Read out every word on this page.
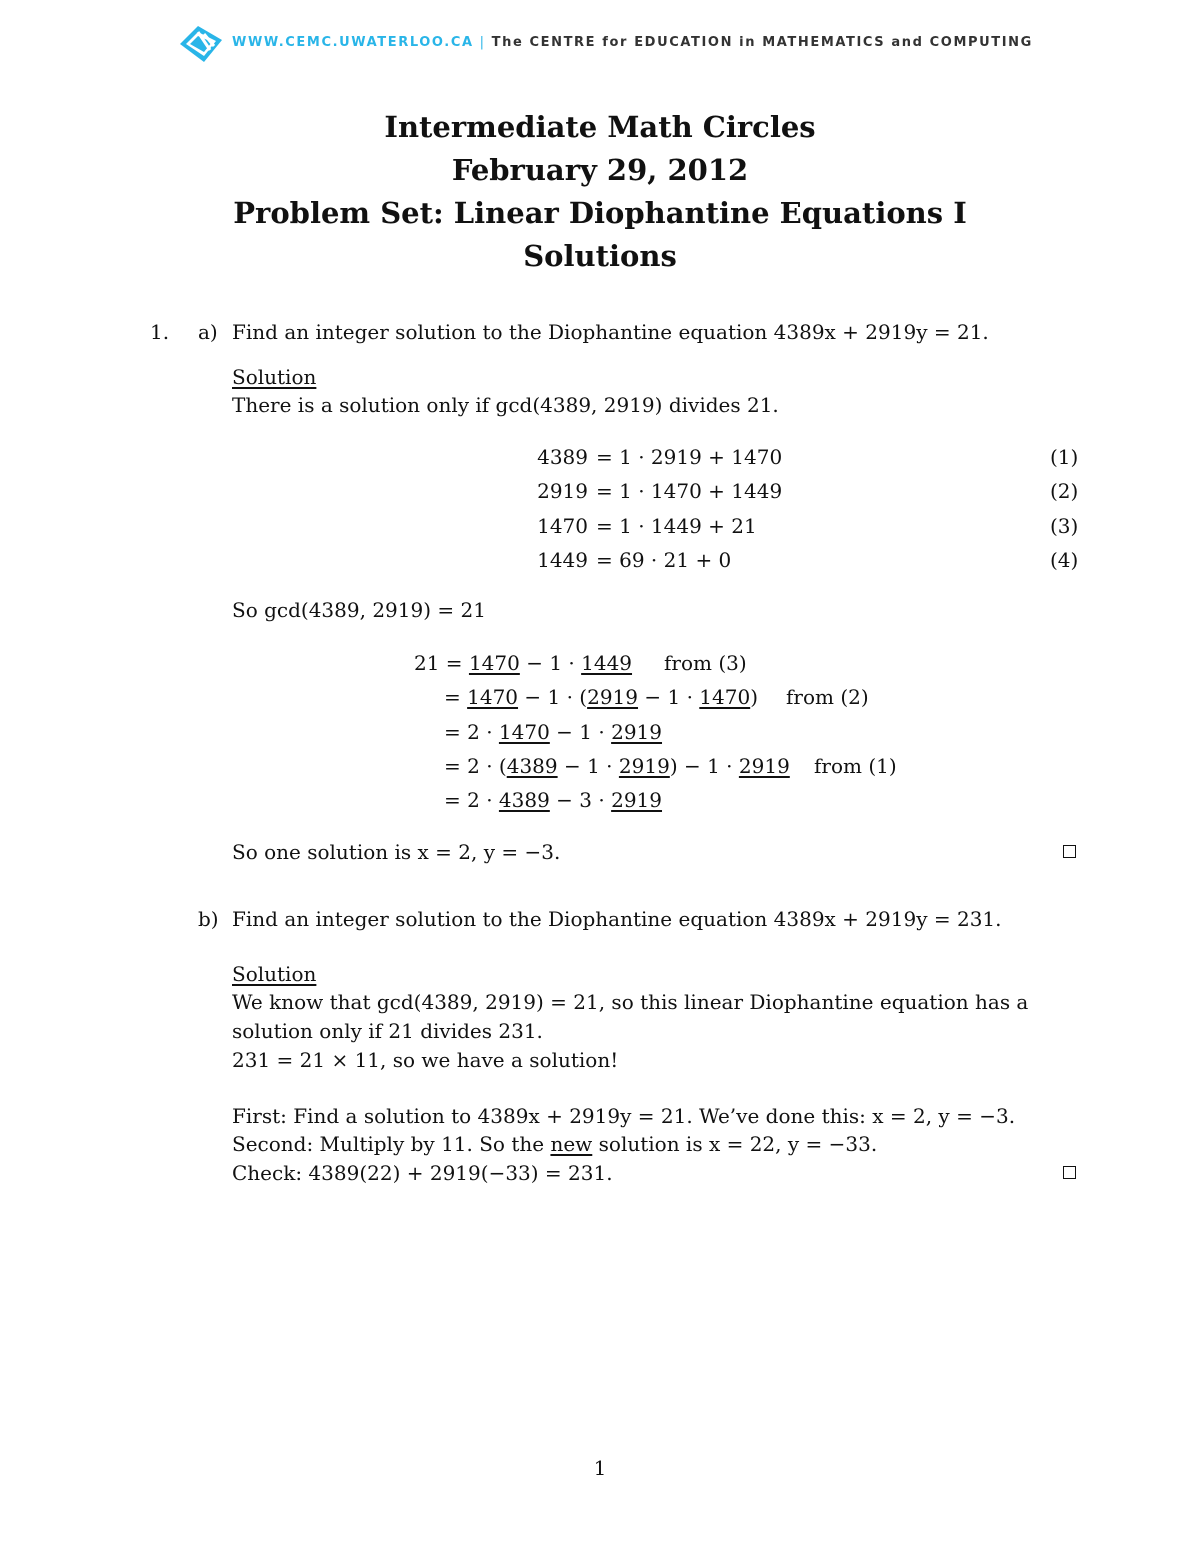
WWW.CEMC.UWATERLOO.CA | The CENTRE for EDUCATION in MATHEMATICS and COMPUTING
Intermediate Math Circles
February 29, 2012
Problem Set: Linear Diophantine Equations I
Solutions
1. a) Find an integer solution to the Diophantine equation 4389x + 2919y = 21.
Solution
There is a solution only if gcd(4389, 2919) divides 21.
4389 = 1 · 2919 + 1470	(1)
2919 = 1 · 1470 + 1449	(2)
1470 = 1 · 1449 + 21	(3)
1449 = 69 · 21 + 0	(4)
So gcd(4389, 2919) = 21
21 = 1470 − 1 · 1449 from (3)
= 1470 − 1 · (2919 − 1 · 1470) from (2)
= 2 · 1470 − 1 · 2919
= 2 · (4389 − 1 · 2919) − 1 · 2919 from (1)
= 2 · 4389 − 3 · 2919
So one solution is x = 2, y = −3.
b) Find an integer solution to the Diophantine equation 4389x + 2919y = 231.
Solution
We know that gcd(4389, 2919) = 21, so this linear Diophantine equation has a
solution only if 21 divides 231.
231 = 21 × 11, so we have a solution!
First: Find a solution to 4389x + 2919y = 21. We’ve done this: x = 2, y = −3.
Second: Multiply by 11. So the new solution is x = 22, y = −33.
Check: 4389(22) + 2919(−33) = 231.
1
